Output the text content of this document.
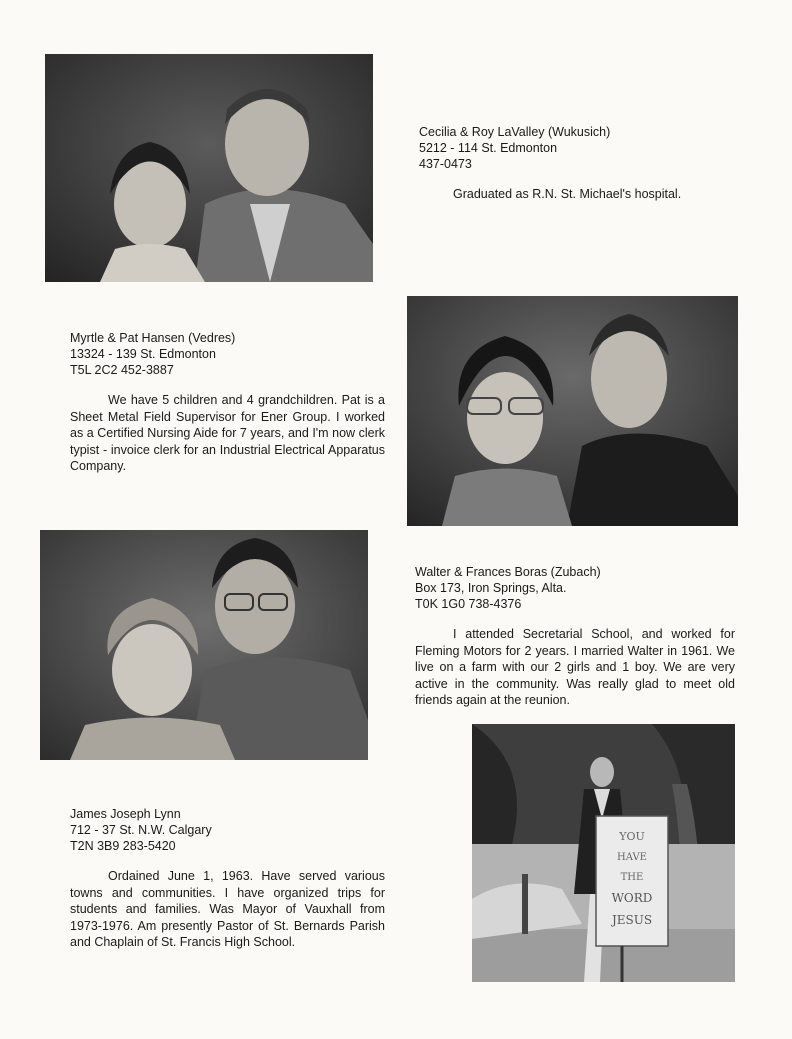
Cecilia & Roy LaValley (Wukusich)
5212 - 114 St. Edmonton
437-0473

Graduated as R.N. St. Michael's hospital.

Myrtle & Pat Hansen (Vedres)
13324 - 139 St. Edmonton
T5L 2C2 452-3887

We have 5 children and 4 grandchildren. Pat is a Sheet Metal Field Supervisor for Ener Group. I worked as a Certified Nursing Aide for 7 years, and I'm now clerk typist - invoice clerk for an Industrial Electrical Apparatus Company.

Walter & Frances Boras (Zubach)
Box 173, Iron Springs, Alta.
T0K 1G0 738-4376

I attended Secretarial School, and worked for Fleming Motors for 2 years. I married Walter in 1961. We live on a farm with our 2 girls and 1 boy. We are very active in the community. Was really glad to meet old friends again at the reunion.

YOU
HAVE
THE
WORD
JESUS
James Joseph Lynn
712 - 37 St. N.W. Calgary
T2N 3B9 283-5420

Ordained June 1, 1963. Have served various towns and communities. I have organized trips for students and families. Was Mayor of Vauxhall from 1973-1976. Am presently Pastor of St. Bernards Parish and Chaplain of St. Francis High School.
